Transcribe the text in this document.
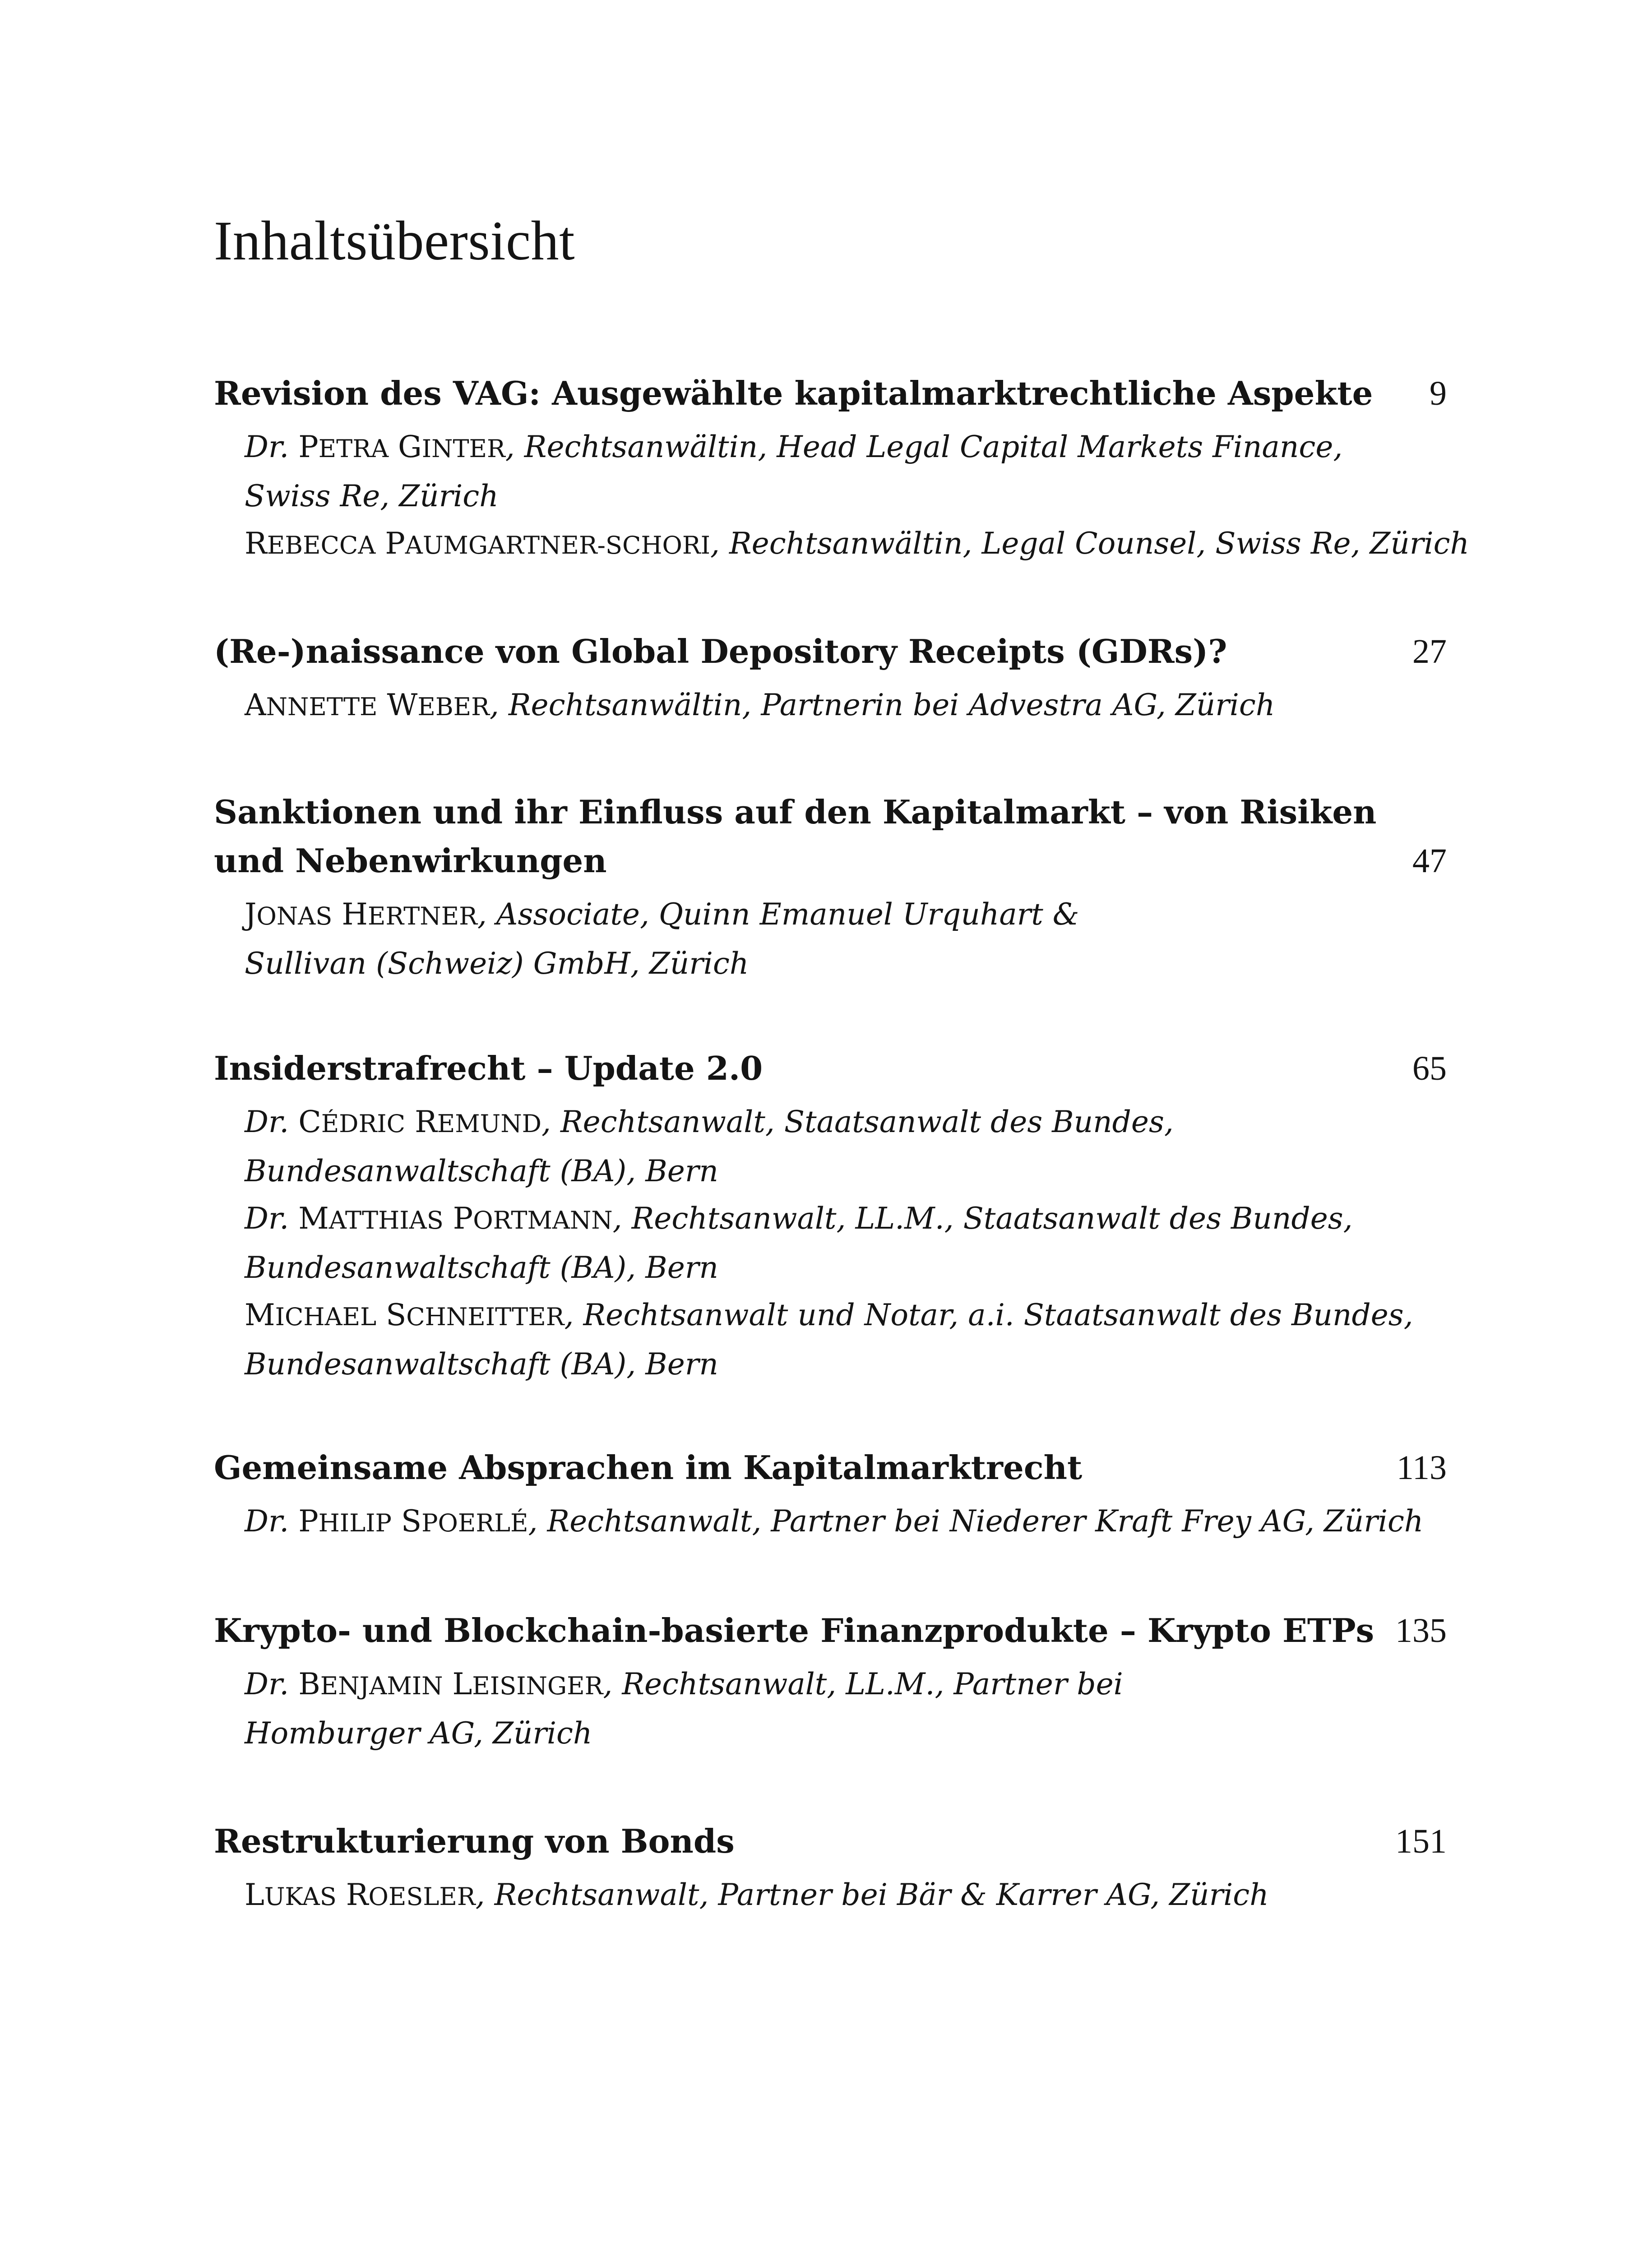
Inhaltsübersicht
Revision des VAG: Ausgewählte kapitalmarktrechtliche Aspekte 9
Dr. PETRA GINTER, Rechtsanwältin, Head Legal Capital Markets Finance,
Swiss Re, Zürich
REBECCA PAUMGARTNER-SCHORI, Rechtsanwältin, Legal Counsel, Swiss Re, Zürich
(Re-)naissance von Global Depository Receipts (GDRs)?	27
ANNETTE WEBER, Rechtsanwältin, Partnerin bei Advestra AG, Zürich
Sanktionen und ihr Einfluss auf den Kapitalmarkt – von Risiken
und Nebenwirkungen	47
JONAS HERTNER, Associate, Quinn Emanuel Urquhart &
Sullivan (Schweiz) GmbH, Zürich
Insiderstrafrecht – Update 2.0	65
Dr. CÉDRIC REMUND, Rechtsanwalt, Staatsanwalt des Bundes,
Bundesanwaltschaft (BA), Bern
Dr. MATTHIAS PORTMANN, Rechtsanwalt, LL.M., Staatsanwalt des Bundes,
Bundesanwaltschaft (BA), Bern
MICHAEL SCHNEITTER, Rechtsanwalt und Notar, a.i. Staatsanwalt des Bundes,
Bundesanwaltschaft (BA), Bern
Gemeinsame Absprachen im Kapitalmarktrecht	113
Dr. PHILIP SPOERLÉ, Rechtsanwalt, Partner bei Niederer Kraft Frey AG, Zürich
Krypto- und Blockchain-basierte Finanzprodukte – Krypto ETPs 135
Dr. BENJAMIN LEISINGER, Rechtsanwalt, LL.M., Partner bei
Homburger AG, Zürich
Restrukturierung von Bonds	151
LUKAS ROESLER, Rechtsanwalt, Partner bei Bär & Karrer AG, Zürich
